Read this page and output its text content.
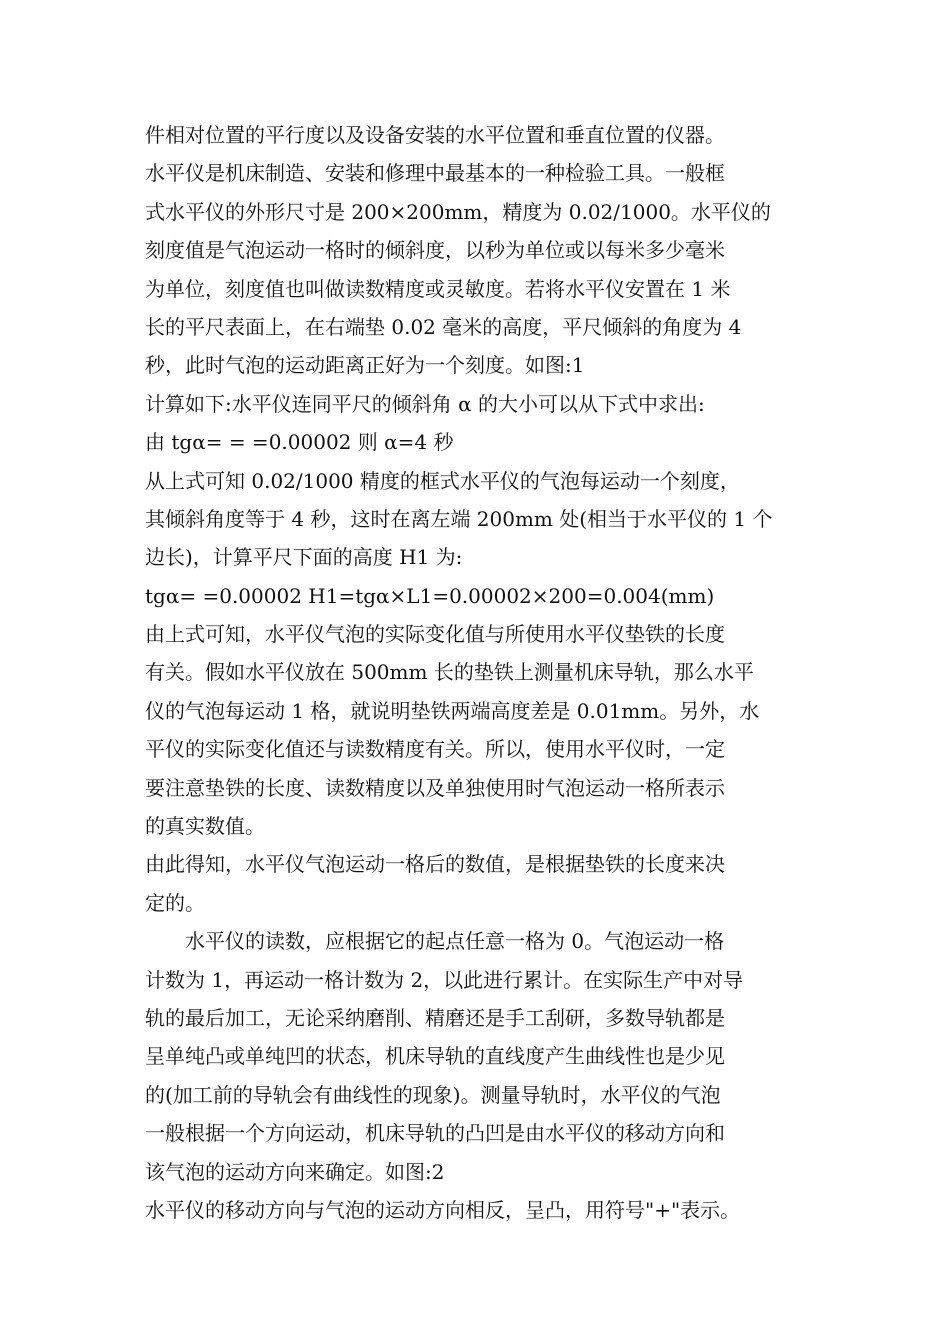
件相对位置的平行度以及设备安装的水平位置和垂直位置的仪器。
水平仪是机床制造、安装和修理中最基本的一种检验工具。一般框
式水平仪的外形尺寸是 200×200mm，精度为 0.02/1000。水平仪的
刻度值是气泡运动一格时的倾斜度，以秒为单位或以每米多少毫米
为单位，刻度值也叫做读数精度或灵敏度。若将水平仪安置在 1 米
长的平尺表面上，在右端垫 0.02 毫米的高度，平尺倾斜的角度为 4
秒，此时气泡的运动距离正好为一个刻度。如图:1
计算如下:水平仪连同平尺的倾斜角 α 的大小可以从下式中求出:
由 tgα= = =0.00002 则 α=4 秒
从上式可知 0.02/1000 精度的框式水平仪的气泡每运动一个刻度，
其倾斜角度等于 4 秒，这时在离左端 200mm 处(相当于水平仪的 1 个
边长)，计算平尺下面的高度 H1 为:
tgα= =0.00002 H1=tgα×L1=0.00002×200=0.004(mm)
由上式可知，水平仪气泡的实际变化值与所使用水平仪垫铁的长度
有关。假如水平仪放在 500mm 长的垫铁上测量机床导轨，那么水平
仪的气泡每运动 1 格，就说明垫铁两端高度差是 0.01mm。另外，水
平仪的实际变化值还与读数精度有关。所以，使用水平仪时，一定
要注意垫铁的长度、读数精度以及单独使用时气泡运动一格所表示
的真实数值。
由此得知，水平仪气泡运动一格后的数值，是根据垫铁的长度来决
定的。
水平仪的读数，应根据它的起点任意一格为 0。气泡运动一格
计数为 1，再运动一格计数为 2，以此进行累计。在实际生产中对导
轨的最后加工，无论采纳磨削、精磨还是手工刮研，多数导轨都是
呈单纯凸或单纯凹的状态，机床导轨的直线度产生曲线性也是少见
的(加工前的导轨会有曲线性的现象)。测量导轨时，水平仪的气泡
一般根据一个方向运动，机床导轨的凸凹是由水平仪的移动方向和
该气泡的运动方向来确定。如图:2
水平仪的移动方向与气泡的运动方向相反，呈凸，用符号"+"表示。
